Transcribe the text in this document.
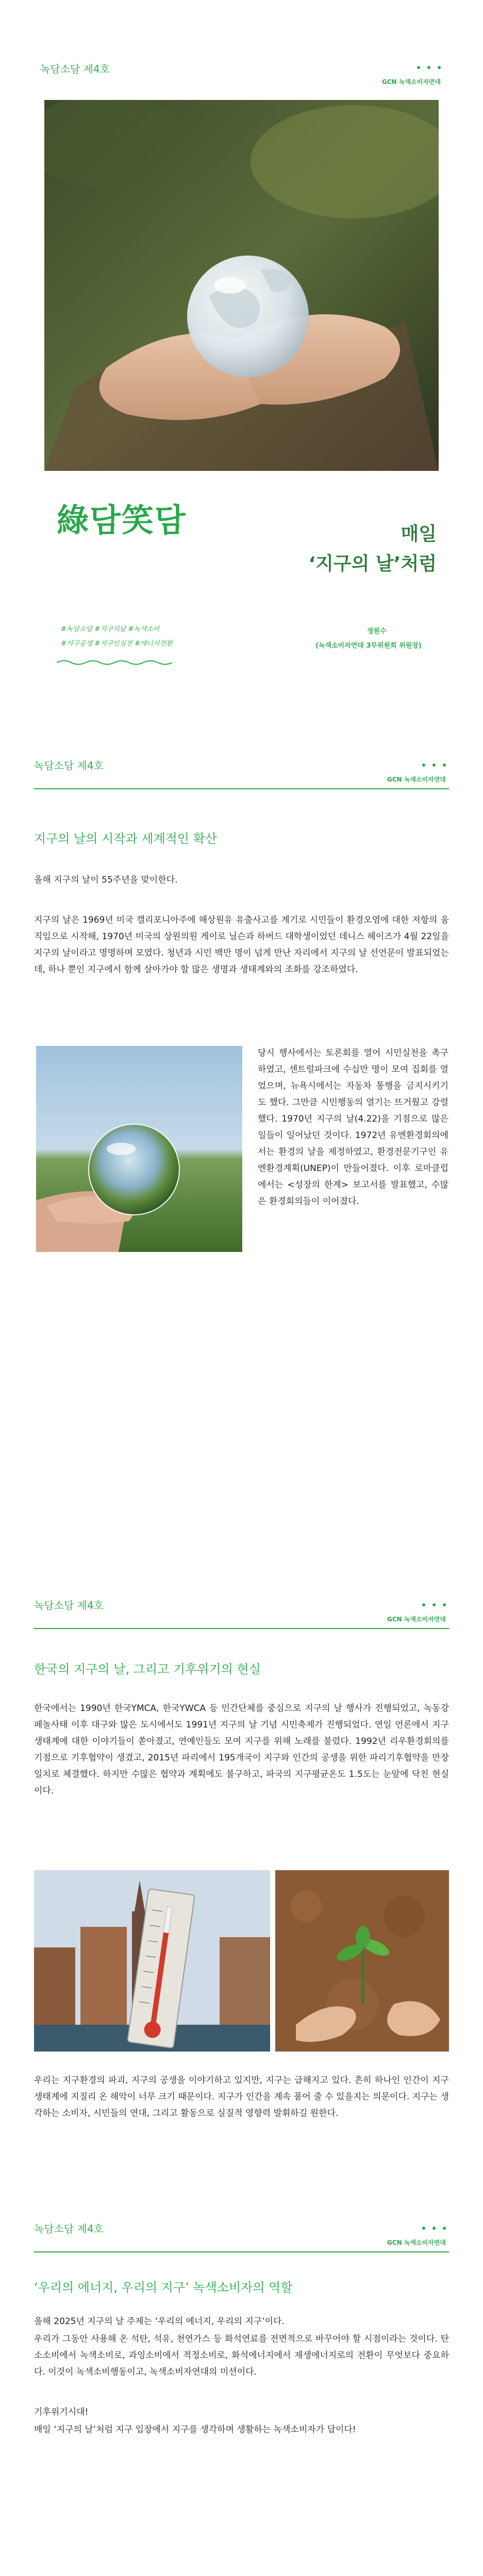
녹담소담 제4호
GCN 녹색소비자연대
綠담笑담	매일
‘지구의 날’처럼
#녹담소담 #지구의날 #녹색소비
#지구공생 #지구인실천 #에너지전환
정원수
(녹색소비자연대 3무위원회 위원장)
녹담소담 제4호
GCN 녹색소비자연대
지구의 날의 시작과 세계적인 확산
올해 지구의 날이 55주년을 맞이한다.
지구의 날은 1969년 미국 캘리포니아주에 해상원유 유출사고를 계기로 시민들이 환경오염에 대한 저항의 움직임으로 시작해, 1970년 미국의 상원의원 게이로 닐슨과 하버드 대학생이었던 데니스 헤이즈가 4월 22일을 지구의 날이라고 명명하며 모였다. 청년과 시민 백만 명이 넘게 만난 자리에서 지구의 날 선언문이 발표되었는데, 하나 뿐인 지구에서 함께 살아가야 할 많은 생명과 생태계와의 조화를 강조하였다.
당시 행사에서는 토론회를 열어 시민실천을 촉구하였고, 센트럴파크에 수십만 명이 모여 집회를 열었으며, 뉴욕시에서는 자동차 통행을 금지시키기도 했다. 그만큼 시민행동의 열기는 뜨거웠고 강렬했다. 1970년 지구의 날(4.22)을 기점으로 많은 일들이 일어났던 것이다. 1972년 유엔환경회의에서는 환경의 날을 제정하였고, 환경전문기구인 유엔환경계획(UNEP)이 만들어졌다. 이후 로마클럽에서는 <성장의 한계> 보고서를 발표했고, 수많은 환경회의들이 이어졌다.
녹담소담 제4호
GCN 녹색소비자연대
한국의 지구의 날, 그리고 기후위기의 현실
한국에서는 1990년 한국YMCA, 한국YWCA 등 민간단체를 중심으로 지구의 날 행사가 진행되었고, 녹동강 페놀사태 이후 대구와 많은 도시에서도 1991년 지구의 날 기념 시민축제가 진행되었다. 연일 언론에서 지구생태계에 대한 이야기들이 쏟아졌고, 연예인들도 모여 지구를 위해 노래를 불렀다. 1992년 리우환경회의를 기점으로 기후협약이 생겼고, 2015년 파리에서 195개국이 지구와 인간의 공생을 위한 파리기후협약을 만장일치로 체결했다. 하지만 수많은 협약과 계획에도 불구하고, 파국의 지구평균온도 1.5도는 눈앞에 닥친 현실이다.
우리는 지구환경의 파괴, 지구의 공생을 이야기하고 있지만, 지구는 급해지고 있다. 흔히 하나인 인간이 지구생태계에 지질리 온 해악이 너무 크기 때문이다. 지구가 인간을 계속 품어 줄 수 있을지는 의문이다. 지구는 생각하는 소비자, 시민들의 연대, 그리고 활동으로 실질적 영향력 발휘하길 원한다.
녹담소담 제4호
GCN 녹색소비자연대
‘우리의 에너지, 우리의 지구’ 녹색소비자의 역할
올해 2025년 지구의 날 주제는 ‘우리의 에너지, 우리의 지구’이다.
우리가 그동안 사용해 온 석탄, 석유, 천연가스 등 화석연료를 전면적으로 바꾸어야 할 시점이라는 것이다. 탄소소비에서 녹색소비로, 과잉소비에서 적정소비로, 화석에너지에서 재생에너지로의 전환이 무엇보다 중요하다. 이것이 녹색소비행동이고, 녹색소비자연대의 미션이다.
기후위기시대!
매일 ‘지구의 날’처럼 지구 입장에서 지구를 생각하며 생활하는 녹색소비자가 답이다!
